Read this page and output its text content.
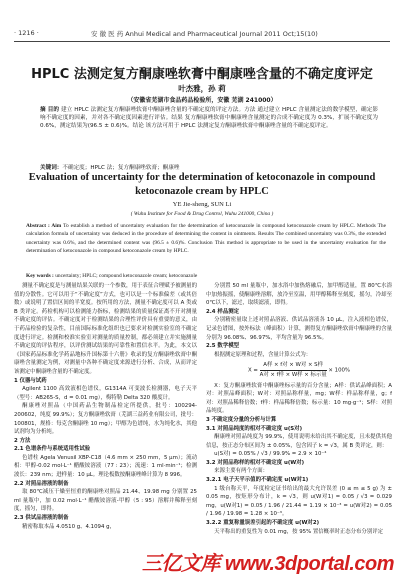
· 1216 ·	安 徽 医 药 Anhui Medical and Pharmaceutical Journal 2011 Oct;15(10)
HPLC 法测定复方酮康唑软膏中酮康唑含量的不确定度评定
叶杰雅，孙 莉
（安徽省芜湖市食品药品检验所，安徽 芜湖 241000）
摘 目的 建立 HPLC 法测定复方酮康唑软膏中酮康唑含量的不确定度的评定方法。方法 通过建立 HPLC 含量测定法的数学模型，确定影响不确定度的因素，并对各不确定度因素进行评估。结果 复方酮康唑软膏中酮康唑含量测定的合成不确定度为 0.3%，扩展不确定度为 0.6%，测定结果为(96.5 ± 0.6)%。结论 该方法可用于 HPLC 法测定复方酮康唑软膏中酮康唑含量的不确定度评定。
关键词：不确定度；HPLC 法；复方酮康唑软膏；酮康唑
Evaluation of uncertainty for the determination of ketoconazole in compound ketoconazole cream by HPLC
YE Jie-sheng, SUN Li
( Wuhu Institute for Food & Drug Control, Wuhu 241000, China )
Abstract : Aim To establish a method of uncertainty evaluation for the determination of ketoconazole in compound ketoconazole cream by HPLC. Methods The calculation formula of uncertainty was deduced in the procedure of determining the content in ointments. Results The combined uncertainty was 0.3%, the extended uncertainty was 0.6%, and the determined content was (96.5 ± 0.6)%. Conclusion This method is appropriate to be used in the uncertainty evaluation for the determination of ketoconazole in compound ketoconazole cream by HPLC.
Key words : uncertainty; HPLC; compound ketoconazole cream; ketoconazole

测量不确定度是与测量结果关联的一个参数，用于表征合理赋予被测量的值的分散性。它可以用于“不确定度”方式，也可以是一个标准偏差（或其倍数）或说明了置信区间的半宽度。按所用的方法，测量不确定度可以 A 类或 B 类评定。药检机构可以检测能力指标，检测结果的质量保证离不开对测量不确定度的评估。不确定度对于检测结果的合理性评价具有重要的意义，由于药品检验的复杂性，目前国际标准化组织也已要求对检测实验室的不确定度进行评定。检测和校准实验室对测量的质量控制，都必须建立并实施测量不确定度的评估程序，以评价测试结果的可靠性和置信水平。为此，本文以《国家药品标准化学药品地标升国标第十六册》收录的复方酮康唑软膏中酮康唑含量测定为例，对测量中各种不确定度来源进行分析、合成，从而评定该测定中酮康唑含量的不确定度。

1 仪器与试药

Agilent 1100 高效液相色谱仪，G1314A 可变波长检测器，电子天平（型号：AB265-S，d = 0.01 mg），梅特勒 Delta 320 酸度计。

酮康唑对照品（中国药品生物制品检定所提供，批号：100294-200602，纯度 99.9%）；复方酮康唑软膏（芜湖三益药业有限公司，批号：100801，规格：每克含酮康唑 10 mg）；甲醇为色谱纯，水为纯化水，其他试剂均为分析纯。

2 方法

2.1 色谱条件与系统适用性试验

色谱柱 Agela Venusil XBP-C18（4.6 mm × 250 mm，5 μm）；流动相：甲醇-0.02 mol·L⁻¹ 醋酸铵溶液（77 : 23）；流速：1 ml·min⁻¹；检测波长：239 nm；进样量：10 μL。理论板数按酮康唑峰计算为 8 996。

2.2 对照品溶液的制备

取 80℃减压干燥至恒重的酮康唑对照品 21.44、19.98 mg 分别置 25 ml 量瓶中，加 0.02 mol·L⁻¹ 醋酸铵溶液-甲醇（5 : 95）溶解并稀释至刻度，摇匀，即得。

2.3 供试品溶液的制备

精密称取本品 4.0510 g、4.1094 g，

分别置 50 ml 量瓶中，加水浴中加热熔融后，加甲醇适量，置 80℃水浴中加热振摇，使酮康唑溶解，放冷至室温，用甲醇稀释至刻度，摇匀，冷却至 0℃以下，滤过，取续滤液，即得。

2.4 样品测定

分别精密量取上述对照品溶液、供试品溶液各 10 μL，注入液相色谱仪，记录色谱图，按外标法（峰面积）计算，测得复方酮康唑软膏中酮康唑的含量分别为 96.08%、96.97%，平均含量为 96.5%。

2.5 数学模型

根据测定原理和过程，含量计算公式为：

$X = \frac{\text{A样 × f对 × W对 × S样}}{\text{A对 × f样 × W样 × 标示量}} \times 100\%$

X：复方酮康唑软膏中酮康唑标示量的百分含量；A样：供试品峰面积；A对：对照品峰面积；W对：对照品称样量，mg；W样：样品称样量，g；f对：对照品稀释倍数；f样：样品稀释倍数；标示量：10 mg·g⁻¹；S样：对照品纯度。

3 不确定度分量的分析与计算

3.1 对照品纯度的相对不确定度 u(S对)

酮康唑对照品纯度为 99.9%，使用说明未给出其不确定度，且未提供其他信息，按正态分布区间为 ± 0.05%，包含因子 k = √3，属 B 类评定，则：

u(S对) = 0.05% / √3 / 99.9% = 2.9 × 10⁻⁴

3.2 对照品称样的相对不确定度 u(W对)

来源主要有两个方面：

3.2.1 电子天平示值的不确定度 u(W对1)

1 级台称天平，年度检定证书给出的最大允许误差 (0 ≤ m ≤ 5 g) 为 ± 0.05 mg，按矩形分布计，k = √3，则 u(W对1) = 0.05 / √3 = 0.029 mg，u(W对1) = 0.05 / 1.96 / 21.44 = 1.19 × 10⁻³ = u(W对2) = 0.05 / 1.96 / 19.98 = 1.28 × 10⁻³。

3.2.2 重复称量误差引起的不确定度 u(W对2)

天平称出的重复性为 0.01 mg，按 95% 置信概率时正态分布分别评定

三亿文库 www.3dportal.com
